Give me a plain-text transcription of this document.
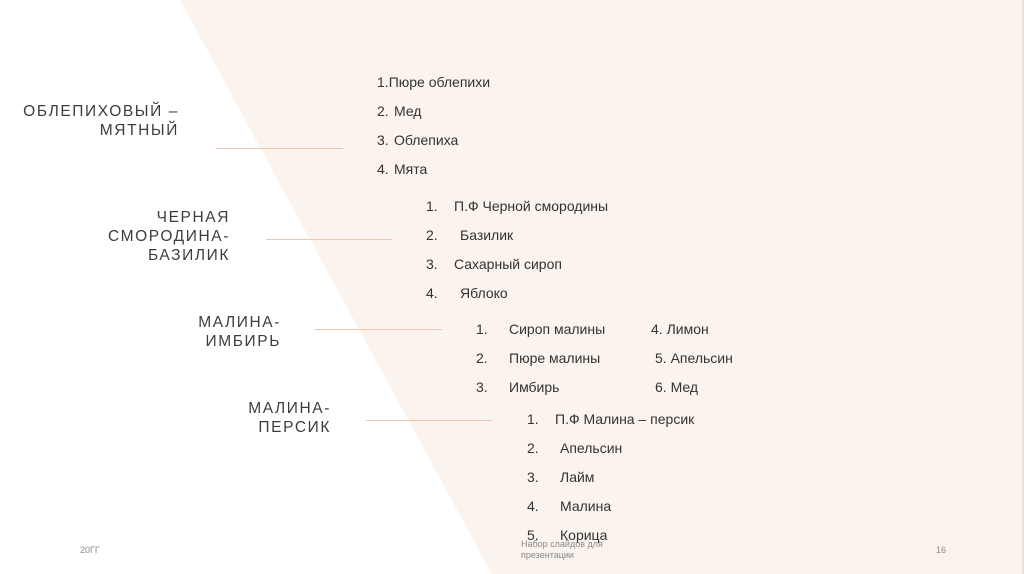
ОБЛЕПИХОВЫЙ –
МЯТНЫЙ
1.Пюре облепихи
2. Мед
3. Облепиха
4. Мята
ЧЕРНАЯ
СМОРОДИНА-
БАЗИЛИК
1. П.Ф Черной смородины
2. Базилик
3. Сахарный сироп
4. Яблоко
МАЛИНА-
ИМБИРЬ
1. Сироп малины
2. Пюре малины
3. Имбирь
4. Лимон
5. Апельсин
6. Мед
МАЛИНА-
ПЕРСИК	1. П.Ф Малина – персик
2. Апельсин
3. Лайм
4. Малина
5. Корица
20ГГ
Набор слайдов для презентации	16
